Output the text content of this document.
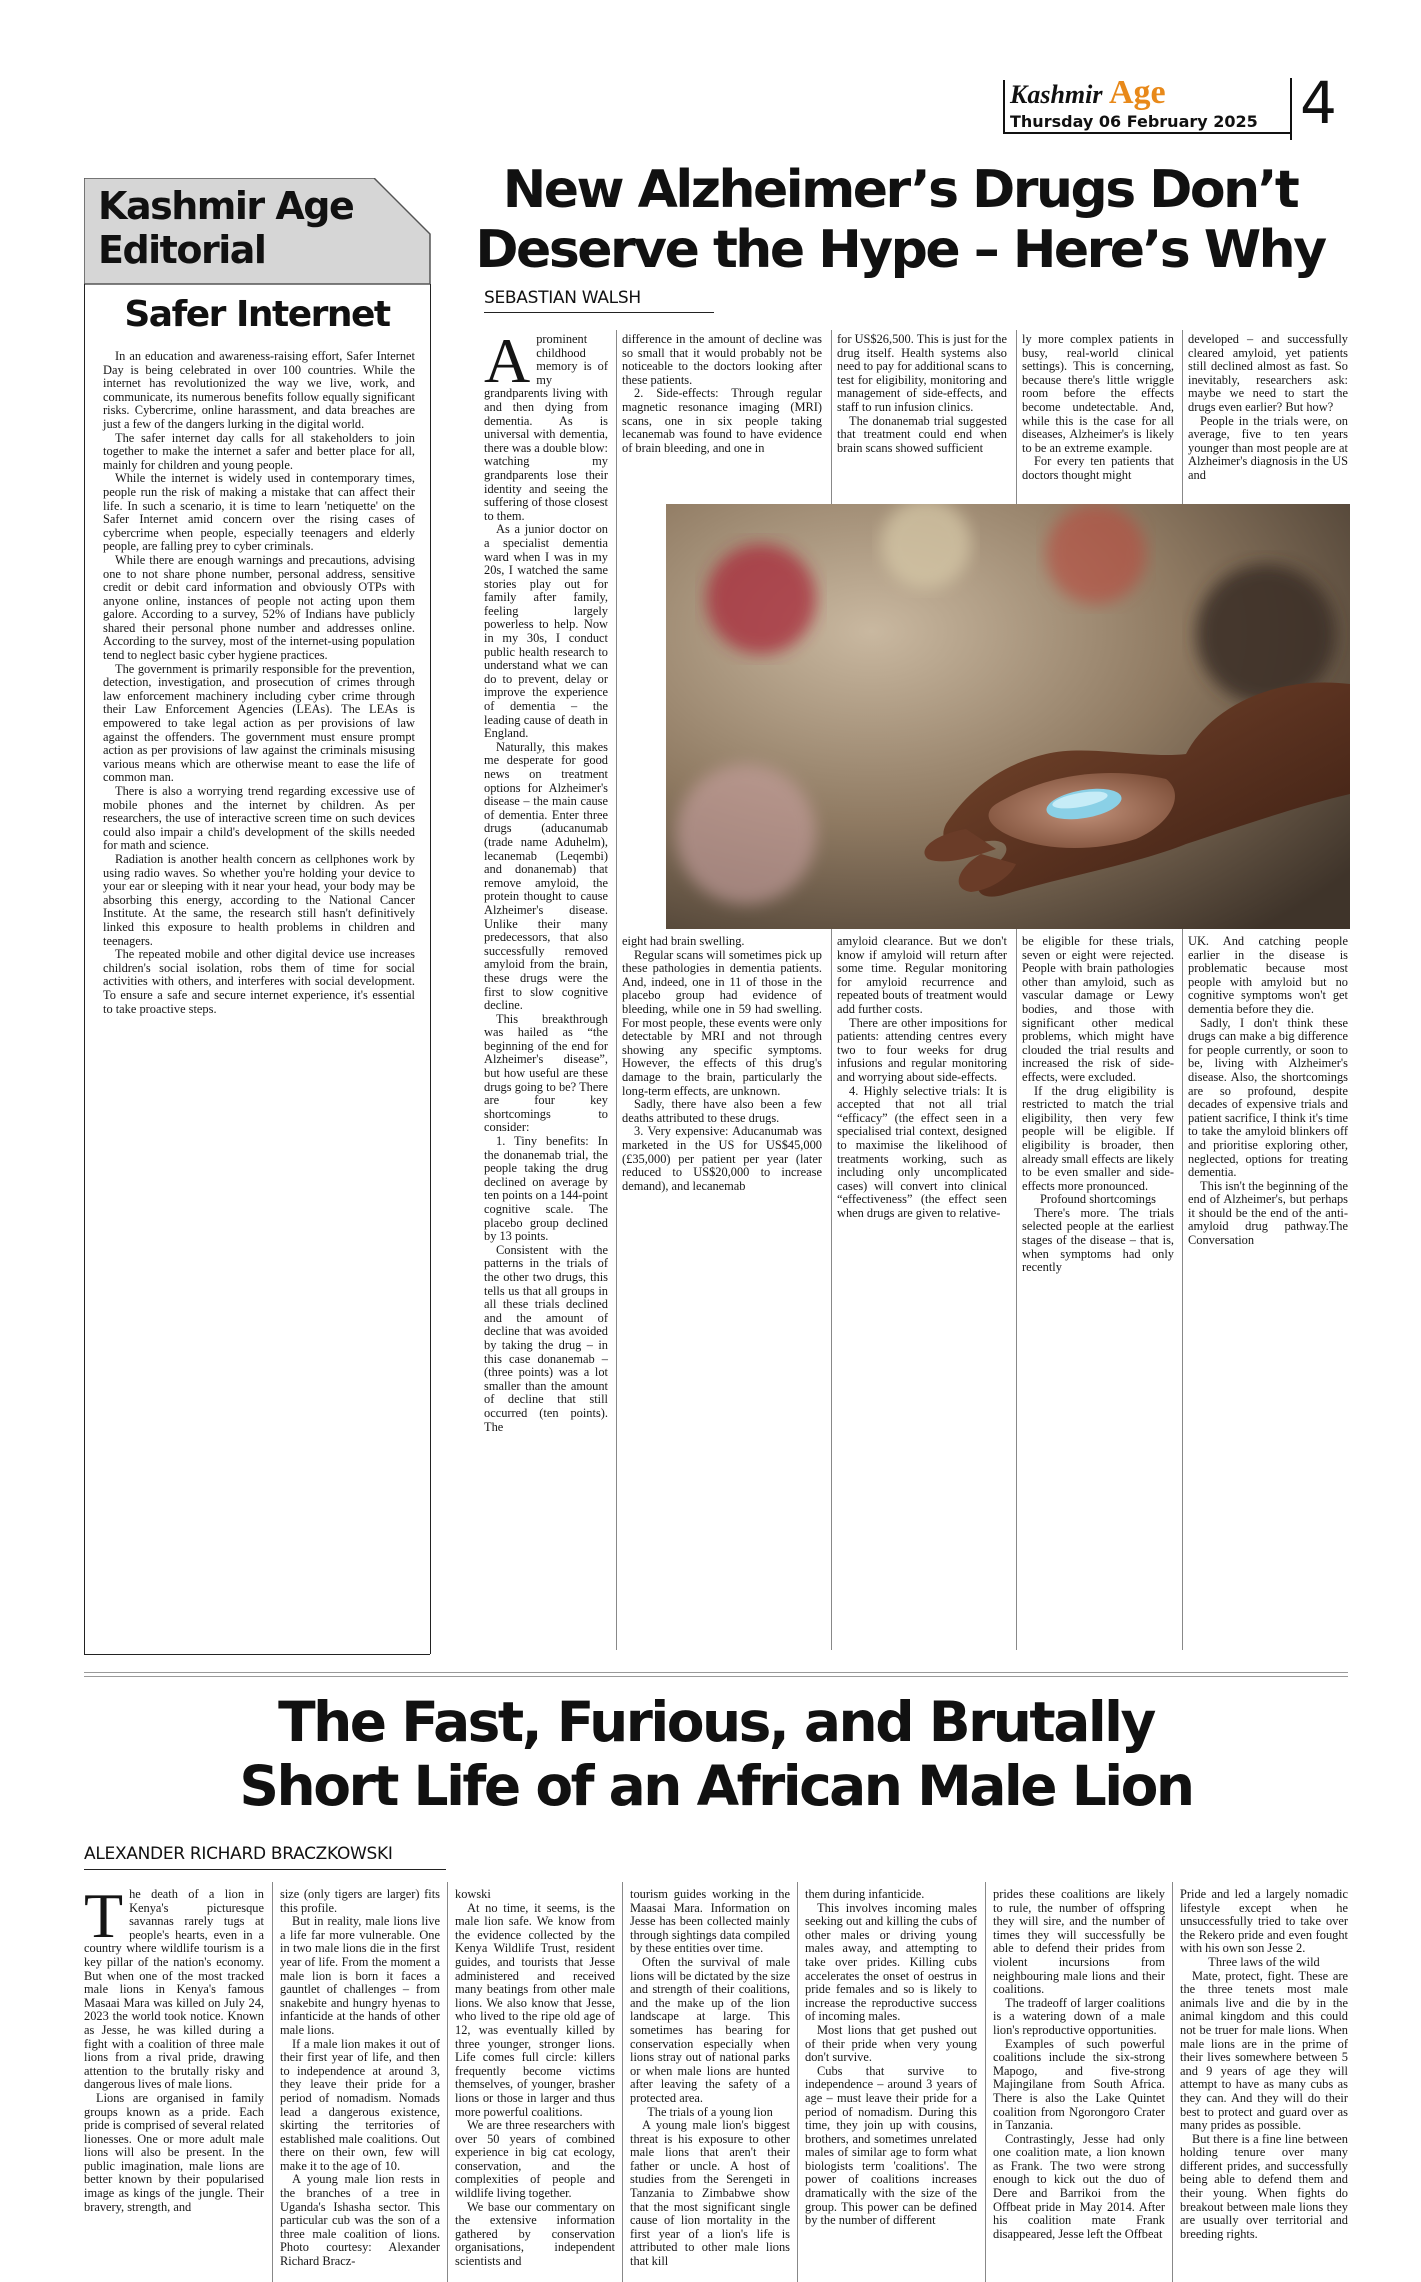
Kashmir Age
Thursday 06 February 2025 4
Kashmir Age
Editorial
Safer Internet

In an education and awareness-raising effort, Safer Internet Day is being celebrated in over 100 countries. While the internet has revolutionized the way we live, work, and communicate, its numerous benefits follow equally significant risks. Cybercrime, online harassment, and data breaches are just a few of the dangers lurking in the digital world.

The safer internet day calls for all stakeholders to join together to make the internet a safer and better place for all, mainly for children and young people.

While the internet is widely used in contemporary times, people run the risk of making a mistake that can affect their life. In such a scenario, it is time to learn 'netiquette' on the Safer Internet amid concern over the rising cases of cybercrime when people, especially teenagers and elderly people, are falling prey to cyber criminals.

While there are enough warnings and precautions, advising one to not share phone number, personal address, sensitive credit or debit card information and obviously OTPs with anyone online, instances of people not acting upon them galore. According to a survey, 52% of Indians have publicly shared their personal phone number and addresses online. According to the survey, most of the internet-using population tend to neglect basic cyber hygiene practices.

The government is primarily responsible for the prevention, detection, investigation, and prosecution of crimes through law enforcement machinery including cyber crime through their Law Enforcement Agencies (LEAs). The LEAs is empowered to take legal action as per provisions of law against the offenders. The government must ensure prompt action as per provisions of law against the criminals misusing various means which are otherwise meant to ease the life of common man.

There is also a worrying trend regarding excessive use of mobile phones and the internet by children. As per researchers, the use of interactive screen time on such devices could also impair a child's development of the skills needed for math and science.

Radiation is another health concern as cellphones work by using radio waves. So whether you're holding your device to your ear or sleeping with it near your head, your body may be absorbing this energy, according to the National Cancer Institute. At the same, the research still hasn't definitively linked this exposure to health problems in children and teenagers.

The repeated mobile and other digital device use increases children's social isolation, robs them of time for social activities with others, and interferes with social development. To ensure a safe and secure internet experience, it's essential to take proactive steps.

New Alzheimer’s Drugs Don’t
Deserve the Hype – Here’s Why
SEBASTIAN WALSH

Aprominent childhood memory is of my grandparents living with and then dying from dementia. As is universal with dementia, there was a double blow: watching my grandparents lose their identity and seeing the suffering of those closest to them.

As a junior doctor on a specialist dementia ward when I was in my 20s, I watched the same stories play out for family after family, feeling largely powerless to help. Now in my 30s, I conduct public health research to understand what we can do to prevent, delay or improve the experience of dementia – the leading cause of death in England.

Naturally, this makes me desperate for good news on treatment options for Alzheimer's disease – the main cause of dementia. Enter three drugs (aducanumab (trade name Aduhelm), lecanemab (Leqembi) and donanemab) that remove amyloid, the protein thought to cause Alzheimer's disease. Unlike their many predecessors, that also successfully removed amyloid from the brain, these drugs were the first to slow cognitive decline.

This breakthrough was hailed as “the beginning of the end for Alzheimer's disease”, but how useful are these drugs going to be? There are four key shortcomings to consider:

1. Tiny benefits: In the donanemab trial, the people taking the drug declined on average by ten points on a 144-point cognitive scale. The placebo group declined by 13 points.

Consistent with the patterns in the trials of the other two drugs, this tells us that all groups in all these trials declined and the amount of decline that was avoided by taking the drug – in this case donanemab – (three points) was a lot smaller than the amount of decline that still occurred (ten points). The

difference in the amount of decline was so small that it would probably not be noticeable to the doctors looking after these patients.

2. Side-effects: Through regular magnetic resonance imaging (MRI) scans, one in six people taking lecanemab was found to have evidence of brain bleeding, and one in

eight had brain swelling.

Regular scans will sometimes pick up these pathologies in dementia patients. And, indeed, one in 11 of those in the placebo group had evidence of bleeding, while one in 59 had swelling. For most people, these events were only detectable by MRI and not through showing any specific symptoms. However, the effects of this drug's damage to the brain, particularly the long-term effects, are unknown.

Sadly, there have also been a few deaths attributed to these drugs.

3. Very expensive: Aducanumab was marketed in the US for US$45,000 (£35,000) per patient per year (later reduced to US$20,000 to increase demand), and lecanemab

for US$26,500. This is just for the drug itself. Health systems also need to pay for additional scans to test for eligibility, monitoring and management of side-effects, and staff to run infusion clinics.

The donanemab trial suggested that treatment could end when brain scans showed sufficient

amyloid clearance. But we don't know if amyloid will return after some time. Regular monitoring for amyloid recurrence and repeated bouts of treatment would add further costs.

There are other impositions for patients: attending centres every two to four weeks for drug infusions and regular monitoring and worrying about side-effects.

4. Highly selective trials: It is accepted that not all trial “efficacy” (the effect seen in a specialised trial context, designed to maximise the likelihood of treatments working, such as including only uncomplicated cases) will convert into clinical “effectiveness” (the effect seen when drugs are given to relative-

ly more complex patients in busy, real-world clinical settings). This is concerning, because there's little wriggle room before the effects become undetectable. And, while this is the case for all diseases, Alzheimer's is likely to be an extreme example.

For every ten patients that doctors thought might

be eligible for these trials, seven or eight were rejected. People with brain pathologies other than amyloid, such as vascular damage or Lewy bodies, and those with significant other medical problems, which might have clouded the trial results and increased the risk of side-effects, were excluded.

If the drug eligibility is restricted to match the trial eligibility, then very few people will be eligible. If eligibility is broader, then already small effects are likely to be even smaller and side-effects more pronounced.

Profound shortcomings

There's more. The trials selected people at the earliest stages of the disease – that is, when symptoms had only recently

developed – and successfully cleared amyloid, yet patients still declined almost as fast. So inevitably, researchers ask: maybe we need to start the drugs even earlier? But how?

People in the trials were, on average, five to ten years younger than most people are at Alzheimer's diagnosis in the US and

UK. And catching people earlier in the disease is problematic because most people with amyloid but no cognitive symptoms won't get dementia before they die.

Sadly, I don't think these drugs can make a big difference for people currently, or soon to be, living with Alzheimer's disease. Also, the shortcomings are so profound, despite decades of expensive trials and patient sacrifice, I think it's time to take the amyloid blinkers off and prioritise exploring other, neglected, options for treating dementia.

This isn't the beginning of the end of Alzheimer's, but perhaps it should be the end of the anti-amyloid drug pathway.The Conversation

The Fast, Furious, and Brutally
Short Life of an African Male Lion
ALEXANDER RICHARD BRACZKOWSKI

The death of a lion in Kenya's picturesque savannas rarely tugs at people's hearts, even in a country where wildlife tourism is a key pillar of the nation's economy. But when one of the most tracked male lions in Kenya's famous Masaai Mara was killed on July 24, 2023 the world took notice. Known as Jesse, he was killed during a fight with a coalition of three male lions from a rival pride, drawing attention to the brutally risky and dangerous lives of male lions.

Lions are organised in family groups known as a pride. Each pride is comprised of several related lionesses. One or more adult male lions will also be present. In the public imagination, male lions are better known by their popularised image as kings of the jungle. Their bravery, strength, and

size (only tigers are larger) fits this profile.

But in reality, male lions live a life far more vulnerable. One in two male lions die in the first year of life. From the moment a male lion is born it faces a gauntlet of challenges – from snakebite and hungry hyenas to infanticide at the hands of other male lions.

If a male lion makes it out of their first year of life, and then to independence at around 3, they leave their pride for a period of nomadism. Nomads lead a dangerous existence, skirting the territories of established male coalitions. Out there on their own, few will make it to the age of 10.

A young male lion rests in the branches of a tree in Uganda's Ishasha sector. This particular cub was the son of a three male coalition of lions. Photo courtesy: Alexander Richard Bracz-

kowski

At no time, it seems, is the male lion safe. We know from the evidence collected by the Kenya Wildlife Trust, resident guides, and tourists that Jesse administered and received many beatings from other male lions. We also know that Jesse, who lived to the ripe old age of 12, was eventually killed by three younger, stronger lions. Life comes full circle: killers frequently become victims themselves, of younger, brasher lions or those in larger and thus more powerful coalitions.

We are three researchers with over 50 years of combined experience in big cat ecology, conservation, and the complexities of people and wildlife living together.

We base our commentary on the extensive information gathered by conservation organisations, independent scientists and

tourism guides working in the Maasai Mara. Information on Jesse has been collected mainly through sightings data compiled by these entities over time.

Often the survival of male lions will be dictated by the size and strength of their coalitions, and the make up of the lion landscape at large. This sometimes has bearing for conservation especially when lions stray out of national parks or when male lions are hunted after leaving the safety of a protected area.

The trials of a young lion

A young male lion's biggest threat is his exposure to other male lions that aren't their father or uncle. A host of studies from the Serengeti in Tanzania to Zimbabwe show that the most significant single cause of lion mortality in the first year of a lion's life is attributed to other male lions that kill

them during infanticide.

This involves incoming males seeking out and killing the cubs of other males or driving young males away, and attempting to take over prides. Killing cubs accelerates the onset of oestrus in pride females and so is likely to increase the reproductive success of incoming males.

Most lions that get pushed out of their pride when very young don't survive.

Cubs that survive to independence – around 3 years of age – must leave their pride for a period of nomadism. During this time, they join up with cousins, brothers, and sometimes unrelated males of similar age to form what biologists term 'coalitions'. The power of coalitions increases dramatically with the size of the group. This power can be defined by the number of different

prides these coalitions are likely to rule, the number of offspring they will sire, and the number of times they will successfully be able to defend their prides from violent incursions from neighbouring male lions and their coalitions.

The tradeoff of larger coalitions is a watering down of a male lion's reproductive opportunities.

Examples of such powerful coalitions include the six-strong Mapogo, and five-strong Majingilane from South Africa. There is also the Lake Quintet coalition from Ngorongoro Crater in Tanzania.

Contrastingly, Jesse had only one coalition mate, a lion known as Frank. The two were strong enough to kick out the duo of Dere and Barrikoi from the Offbeat pride in May 2014. After his coalition mate Frank disappeared, Jesse left the Offbeat

Pride and led a largely nomadic lifestyle except when he unsuccessfully tried to take over the Rekero pride and even fought with his own son Jesse 2.

Three laws of the wild

Mate, protect, fight. These are the three tenets most male animals live and die by in the animal kingdom and this could not be truer for male lions. When male lions are in the prime of their lives somewhere between 5 and 9 years of age they will attempt to have as many cubs as they can. And they will do their best to protect and guard over as many prides as possible.

But there is a fine line between holding tenure over many different prides, and successfully being able to defend them and their young. When fights do breakout between male lions they are usually over territorial and breeding rights.
